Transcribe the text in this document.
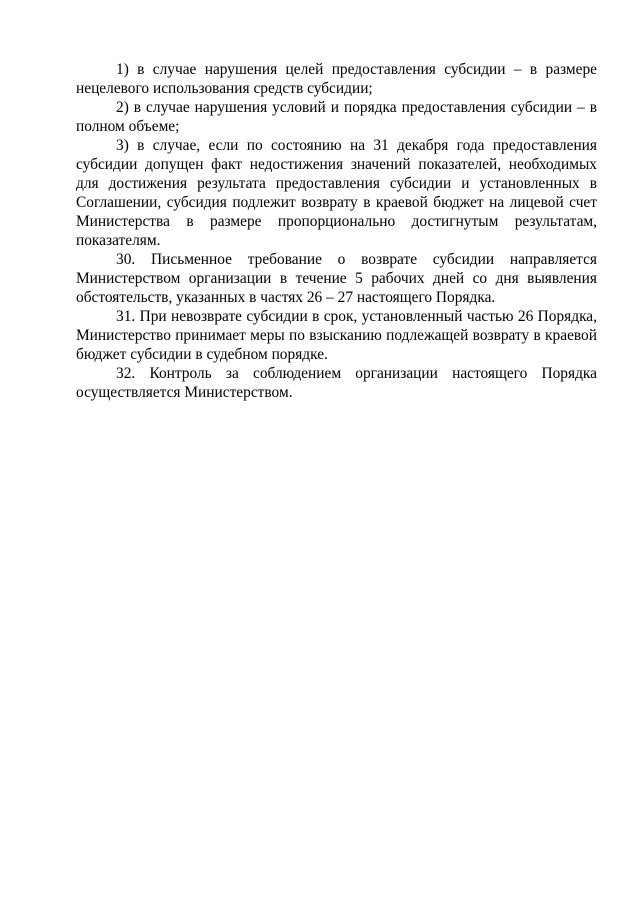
1) в случае нарушения целей предоставления субсидии – в размере нецелевого использования средств субсидии;

2) в случае нарушения условий и порядка предоставления субсидии – в полном объеме;

3) в случае, если по состоянию на 31 декабря года предоставления субсидии допущен факт недостижения значений показателей, необходимых для достижения результата предоставления субсидии и установленных в Соглашении, субсидия подлежит возврату в краевой бюджет на лицевой счет Министерства в размере пропорционально достигнутым результатам, показателям.

30. Письменное требование о возврате субсидии направляется Министерством организации в течение 5 рабочих дней со дня выявления обстоятельств, указанных в частях 26 – 27 настоящего Порядка.

31. При невозврате субсидии в срок, установленный частью 26 Порядка, Министерство принимает меры по взысканию подлежащей возврату в краевой бюджет субсидии в судебном порядке.

32. Контроль за соблюдением организации настоящего Порядка осуществляется Министерством.
